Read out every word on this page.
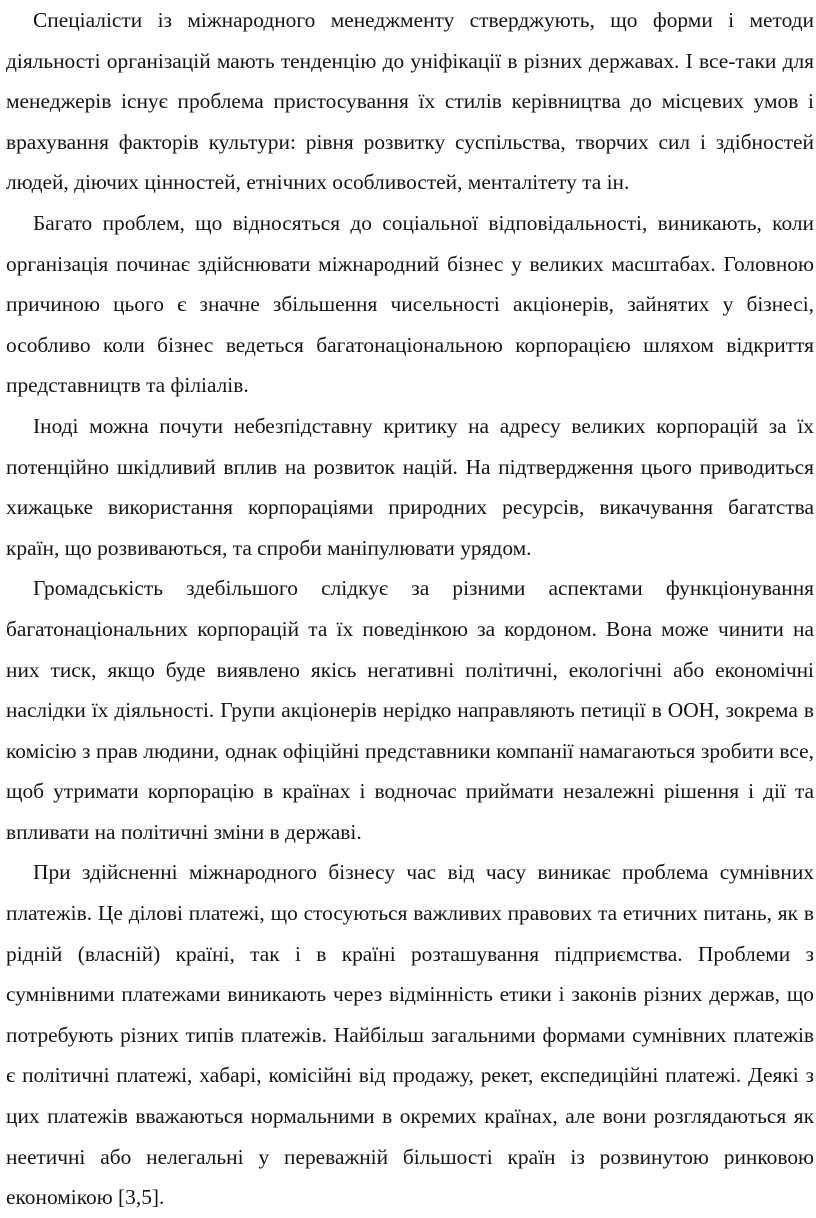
Спеціалісти із міжнародного менеджменту стверджують, що форми і методи діяльності організацій мають тенденцію до уніфікації в різних державах. І все-таки для менеджерів існує проблема пристосування їх стилів керівництва до місцевих умов і врахування факторів культури: рівня розвитку суспільства, творчих сил і здібностей людей, діючих цінностей, етнічних особливостей, менталітету та ін.

Багато проблем, що відносяться до соціальної відповідальності, виникають, коли організація починає здійснювати міжнародний бізнес у великих масштабах. Головною причиною цього є значне збільшення чисельності акціонерів, зайнятих у бізнесі, особливо коли бізнес ведеться багатонаціональною корпорацією шляхом відкриття представництв та філіалів.

Іноді можна почути небезпідставну критику на адресу великих корпорацій за їх потенційно шкідливий вплив на розвиток націй. На підтвердження цього приводиться хижацьке використання корпораціями природних ресурсів, викачування багатства країн, що розвиваються, та спроби маніпулювати урядом.

Громадськість здебільшого слідкує за різними аспектами функціонування багатонаціональних корпорацій та їх поведінкою за кордоном. Вона може чинити на них тиск, якщо буде виявлено якісь негативні політичні, екологічні або економічні наслідки їх діяльності. Групи акціонерів нерідко направляють петиції в ООН, зокрема в комісію з прав людини, однак офіційні представники компанії намагаються зробити все, щоб утримати корпорацію в країнах і водночас приймати незалежні рішення і дії та впливати на політичні зміни в державі.

При здійсненні міжнародного бізнесу час від часу виникає проблема сумнівних платежів. Це ділові платежі, що стосуються важливих правових та етичних питань, як в рідній (власній) країні, так і в країні розташування підприємства. Проблеми з сумнівними платежами виникають через відмінність етики і законів різних держав, що потребують різних типів платежів. Найбільш загальними формами сумнівних платежів є політичні платежі, хабарі, комісійні від продажу, рекет, експедиційні платежі. Деякі з цих платежів вважаються нормальними в окремих країнах, але вони розглядаються як неетичні або нелегальні у переважній більшості країн із розвинутою ринковою економікою [3,5].
